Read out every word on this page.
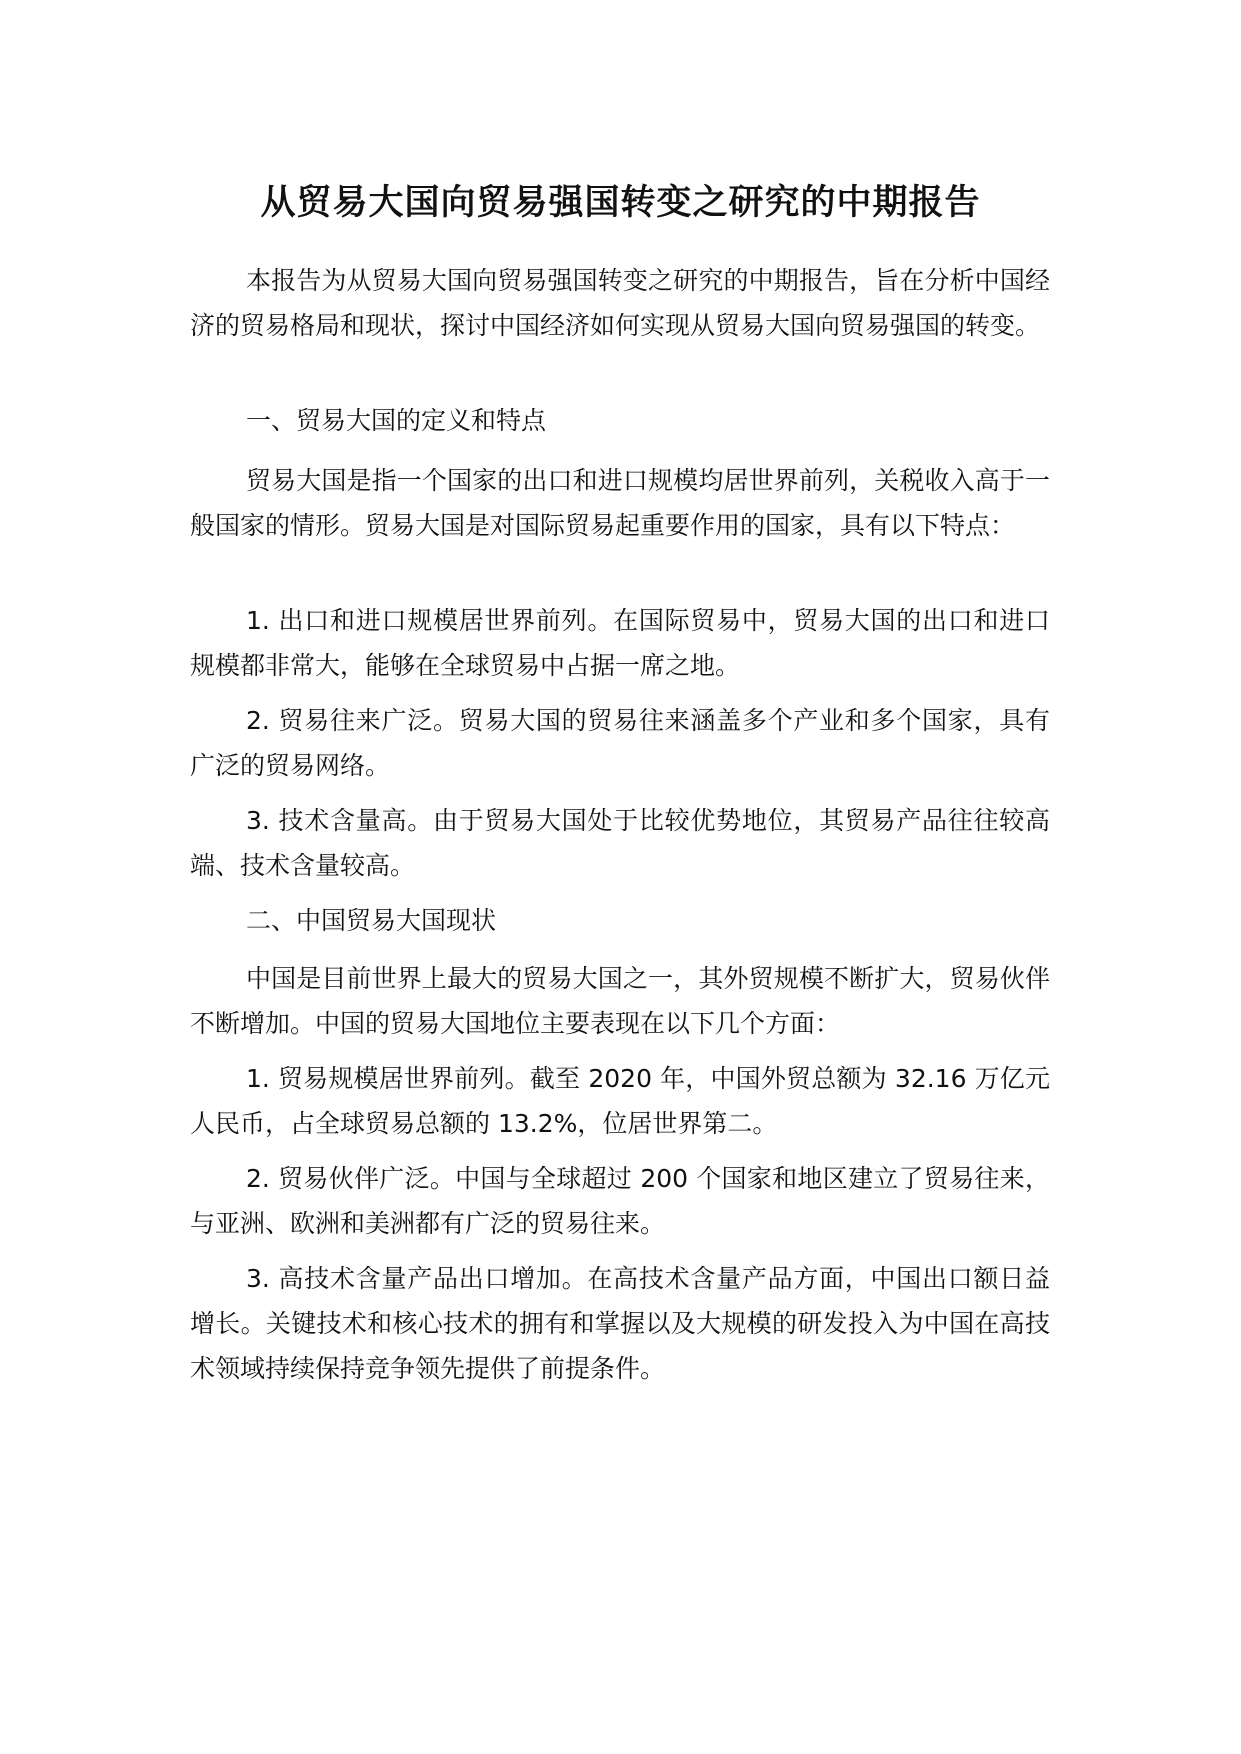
从贸易大国向贸易强国转变之研究的中期报告

本报告为从贸易大国向贸易强国转变之研究的中期报告，旨在分析中国经济的贸易格局和现状，探讨中国经济如何实现从贸易大国向贸易强国的转变。

一、贸易大国的定义和特点

贸易大国是指一个国家的出口和进口规模均居世界前列，关税收入高于一般国家的情形。贸易大国是对国际贸易起重要作用的国家，具有以下特点：

1. 出口和进口规模居世界前列。在国际贸易中，贸易大国的出口和进口规模都非常大，能够在全球贸易中占据一席之地。

2. 贸易往来广泛。贸易大国的贸易往来涵盖多个产业和多个国家，具有广泛的贸易网络。

3. 技术含量高。由于贸易大国处于比较优势地位，其贸易产品往往较高端、技术含量较高。

二、中国贸易大国现状

中国是目前世界上最大的贸易大国之一，其外贸规模不断扩大，贸易伙伴不断增加。中国的贸易大国地位主要表现在以下几个方面：

1. 贸易规模居世界前列。截至 2020 年，中国外贸总额为 32.16 万亿元人民币，占全球贸易总额的 13.2%，位居世界第二。

2. 贸易伙伴广泛。中国与全球超过 200 个国家和地区建立了贸易往来，与亚洲、欧洲和美洲都有广泛的贸易往来。

3. 高技术含量产品出口增加。在高技术含量产品方面，中国出口额日益增长。关键技术和核心技术的拥有和掌握以及大规模的研发投入为中国在高技术领域持续保持竞争领先提供了前提条件。
